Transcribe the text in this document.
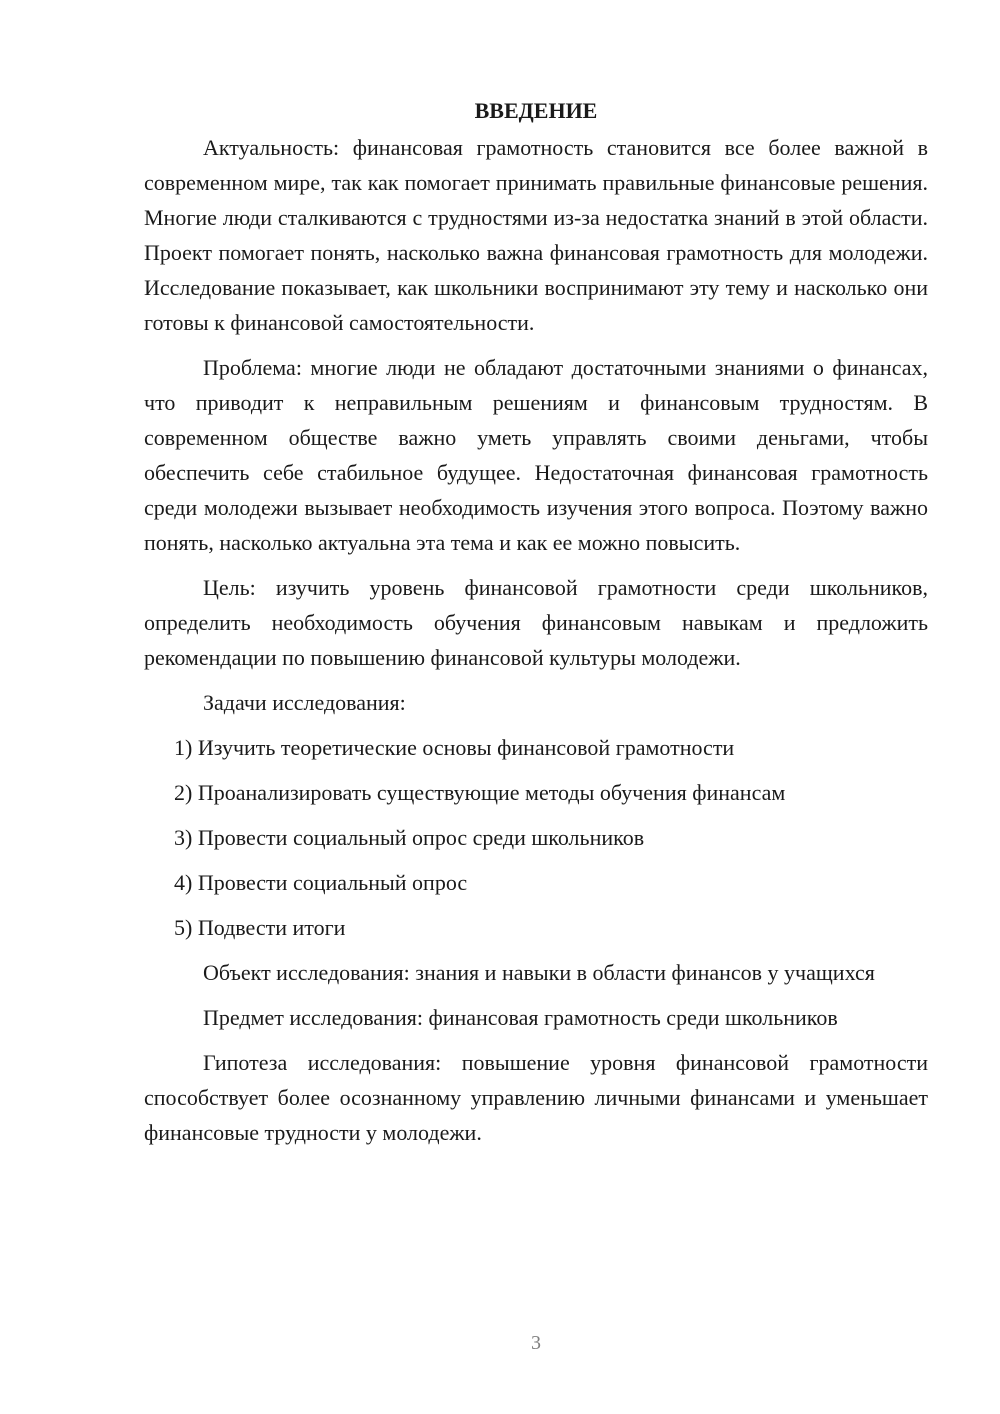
ВВЕДЕНИЕ

Актуальность: финансовая грамотность становится все более важной в современном мире, так как помогает принимать правильные финансовые решения. Многие люди сталкиваются с трудностями из-за недостатка знаний в этой области. Проект помогает понять, насколько важна финансовая грамотность для молодежи. Исследование показывает, как школьники воспринимают эту тему и насколько они готовы к финансовой самостоятельности.

Проблема: многие люди не обладают достаточными знаниями о финансах, что приводит к неправильным решениям и финансовым трудностям. В современном обществе важно уметь управлять своими деньгами, чтобы обеспечить себе стабильное будущее. Недостаточная финансовая грамотность среди молодежи вызывает необходимость изучения этого вопроса. Поэтому важно понять, насколько актуальна эта тема и как ее можно повысить.

Цель: изучить уровень финансовой грамотности среди школьников, определить необходимость обучения финансовым навыкам и предложить рекомендации по повышению финансовой культуры молодежи.

Задачи исследования:

1) Изучить теоретические основы финансовой грамотности
2) Проанализировать существующие методы обучения финансам
3) Провести социальный опрос среди школьников
4) Провести социальный опрос
5) Подвести итоги

Объект исследования: знания и навыки в области финансов у учащихся

Предмет исследования: финансовая грамотность среди школьников

Гипотеза исследования: повышение уровня финансовой грамотности способствует более осознанному управлению личными финансами и уменьшает финансовые трудности у молодежи.

3
